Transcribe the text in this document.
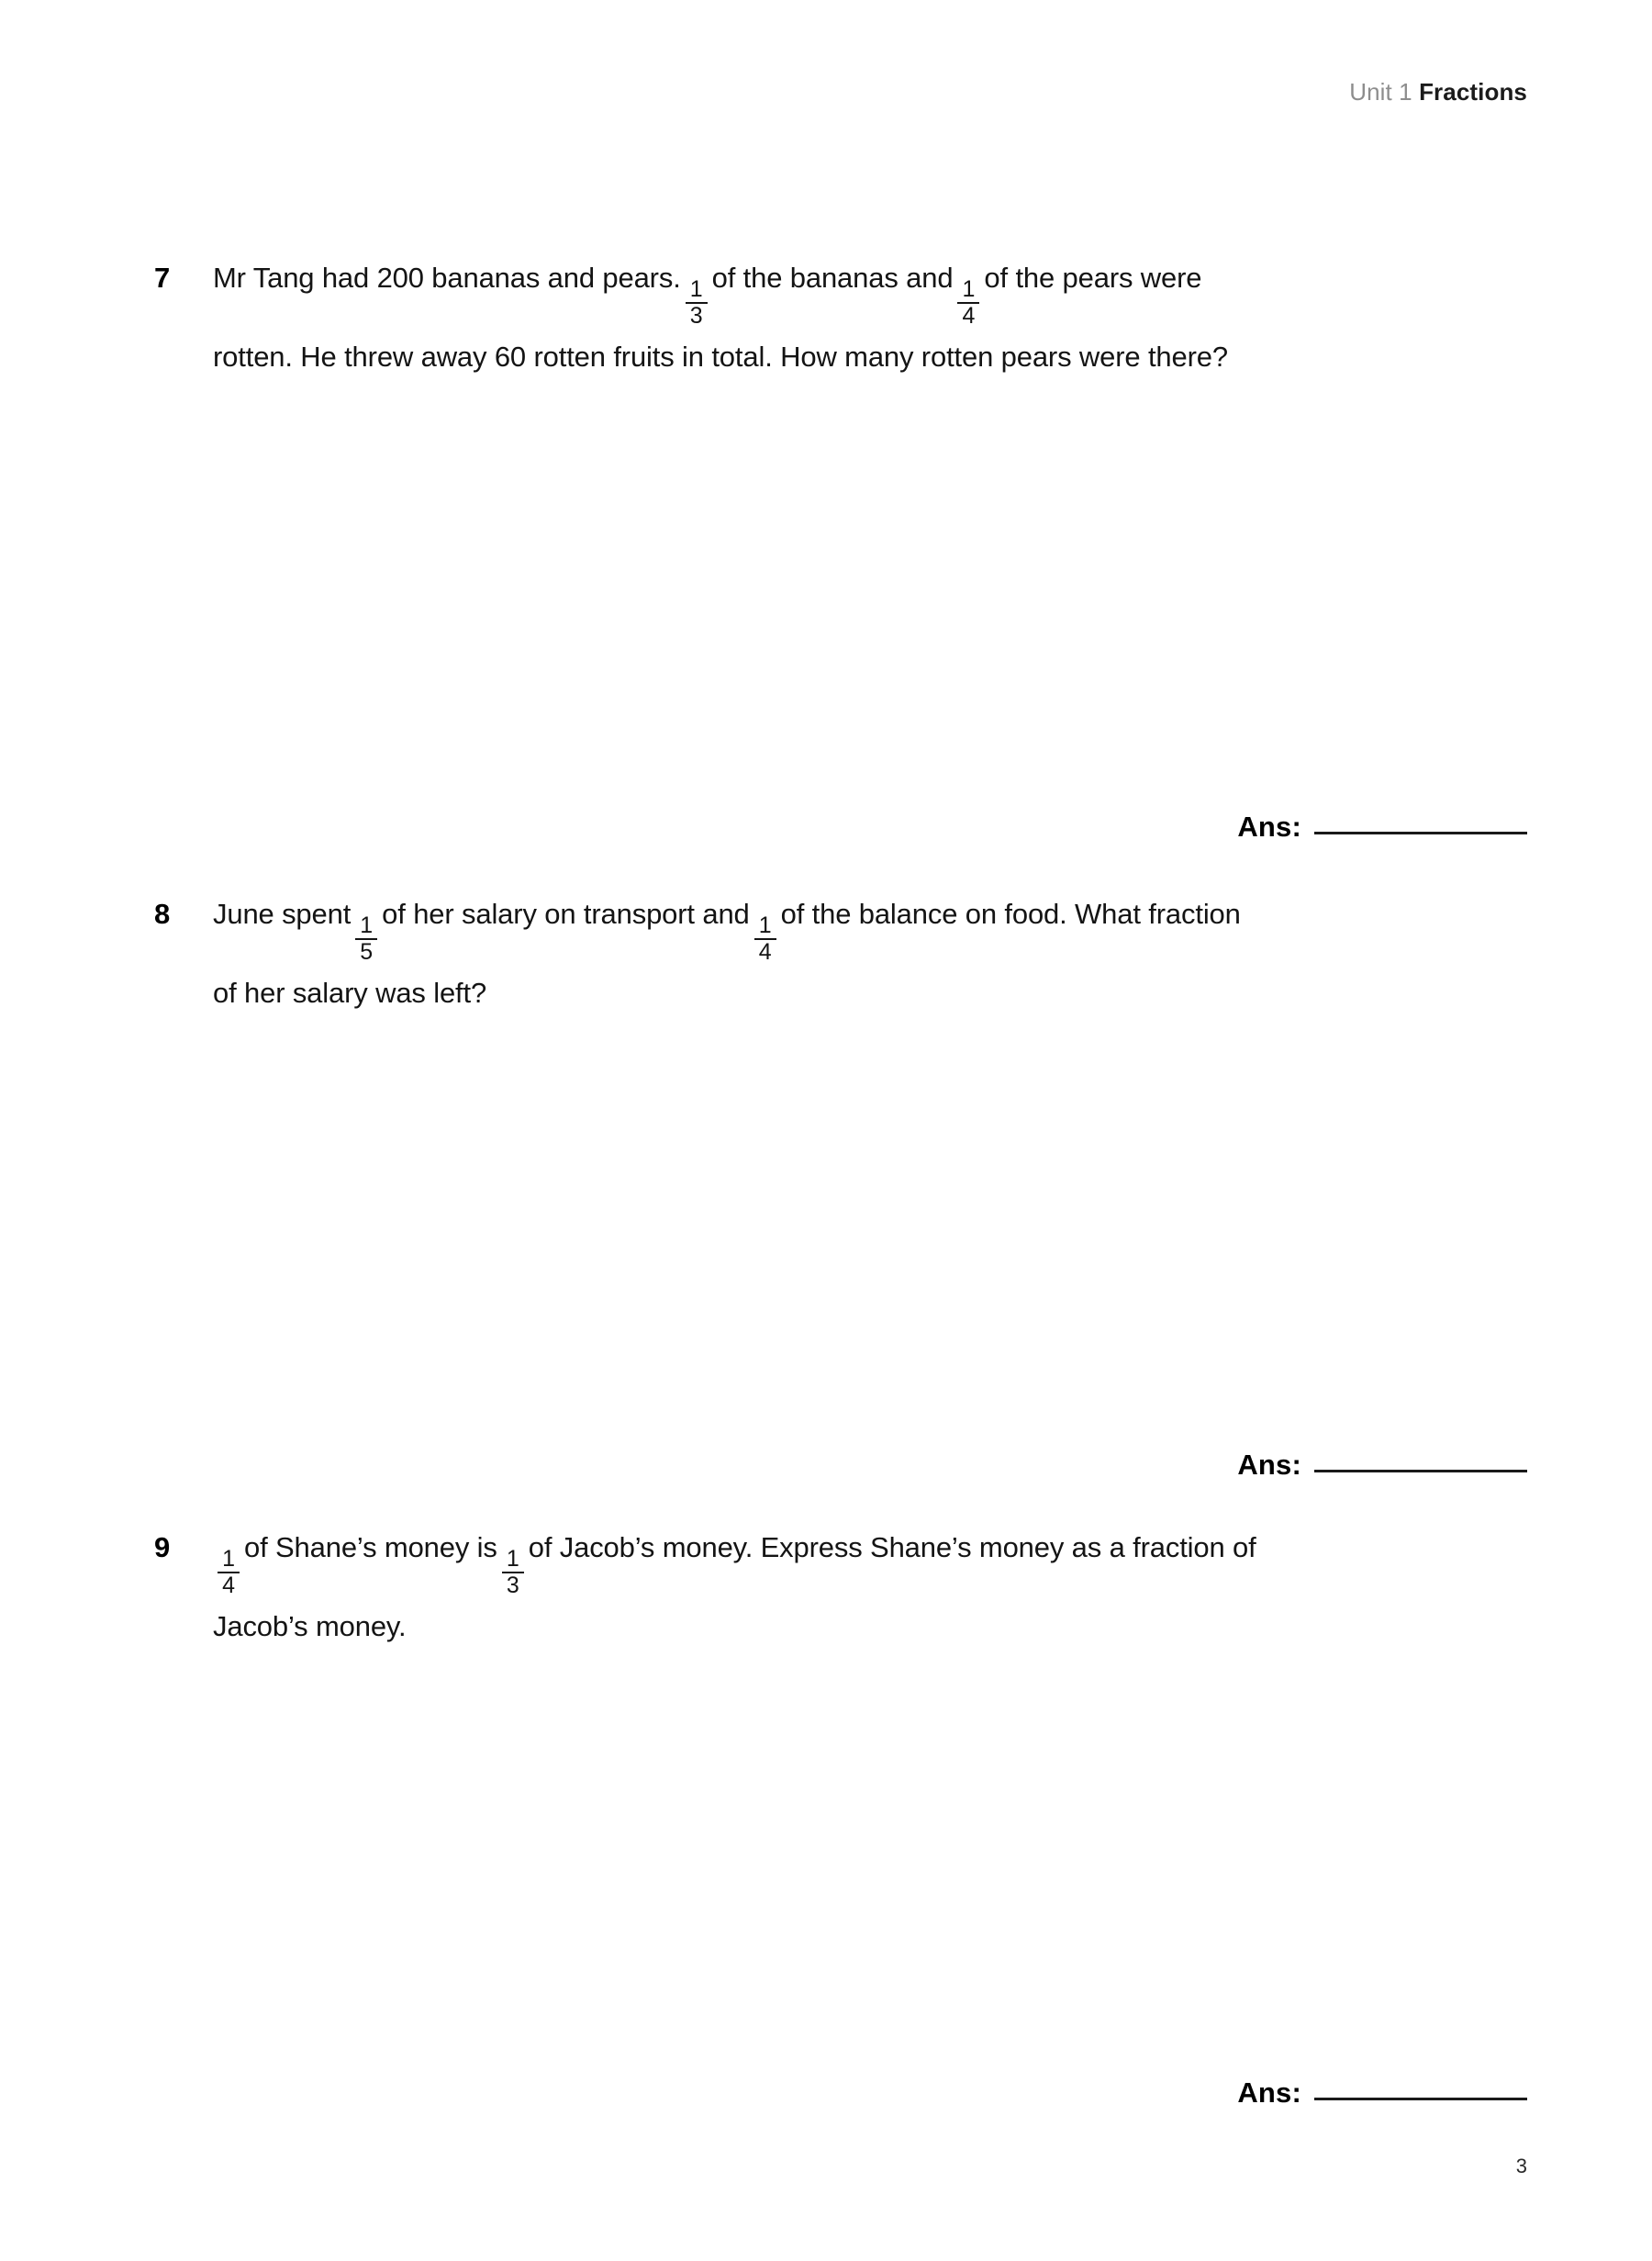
Unit 1 Fractions
7	Mr Tang had 200 bananas and pears. $\frac{1}{3}$ of the bananas and $\frac{1}{4}$ of the pears were
rotten. He threw away 60 rotten fruits in total. How many rotten pears were there?
Ans:
8	June spent $\frac{1}{5}$ of her salary on transport and $\frac{1}{4}$ of the balance on food. What fraction
of her salary was left?
Ans:
9	$\frac{1}{4}$ of Shane’s money is $\frac{1}{3}$ of Jacob’s money. Express Shane’s money as a fraction of
Jacob’s money.
Ans:
3
